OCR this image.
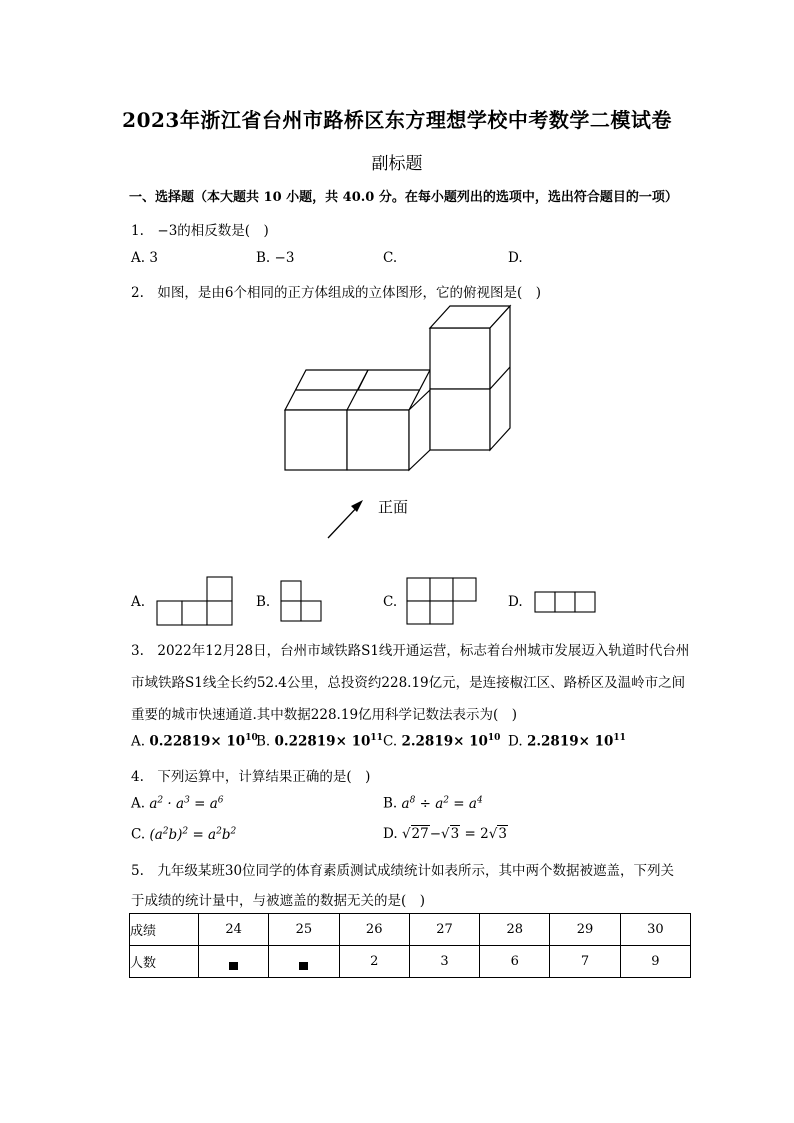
2023年浙江省台州市路桥区东方理想学校中考数学二模试卷
副标题
一、选择题（本大题共 10 小题，共 40.0 分。在每小题列出的选项中，选出符合题目的一项）
1.　−3的相反数是(　)
A. 3	B. −3	C.	D.
2.　如图，是由6个相同的正方体组成的立体图形，它的俯视图是(　)
正面
A.	B.	C.	D.
3.　2022年12月28日，台州市域铁路S1线开通运营，标志着台州城市发展迈入轨道时代台州
市域铁路S1线全长约52.4公里，总投资约228.19亿元，是连接椒江区、路桥区及温岭市之间
重要的城市快速通道.其中数据228.19亿用科学记数法表示为(　)
A. $0.22819\times 10^{10}$
B. $0.22819\times 10^{11}$ C. $2.2819\times 10^{10}$ D. $2.2819\times 10^{11}$
4.　下列运算中，计算结果正确的是(　)
A. $a^2 \cdot a^3 = a^6$	B. $a^8 \div a^2 = a^4$
C. $(a^2b)^2 = a^2b^2$	D. √27−√3 = 2√3
5.　九年级某班30位同学的体育素质测试成绩统计如表所示，其中两个数据被遮盖，下列关
于成绩的统计量中，与被遮盖的数据无关的是(　)
成绩	24	25	26	27	28	29	30
人数			2	3	6	7	9
